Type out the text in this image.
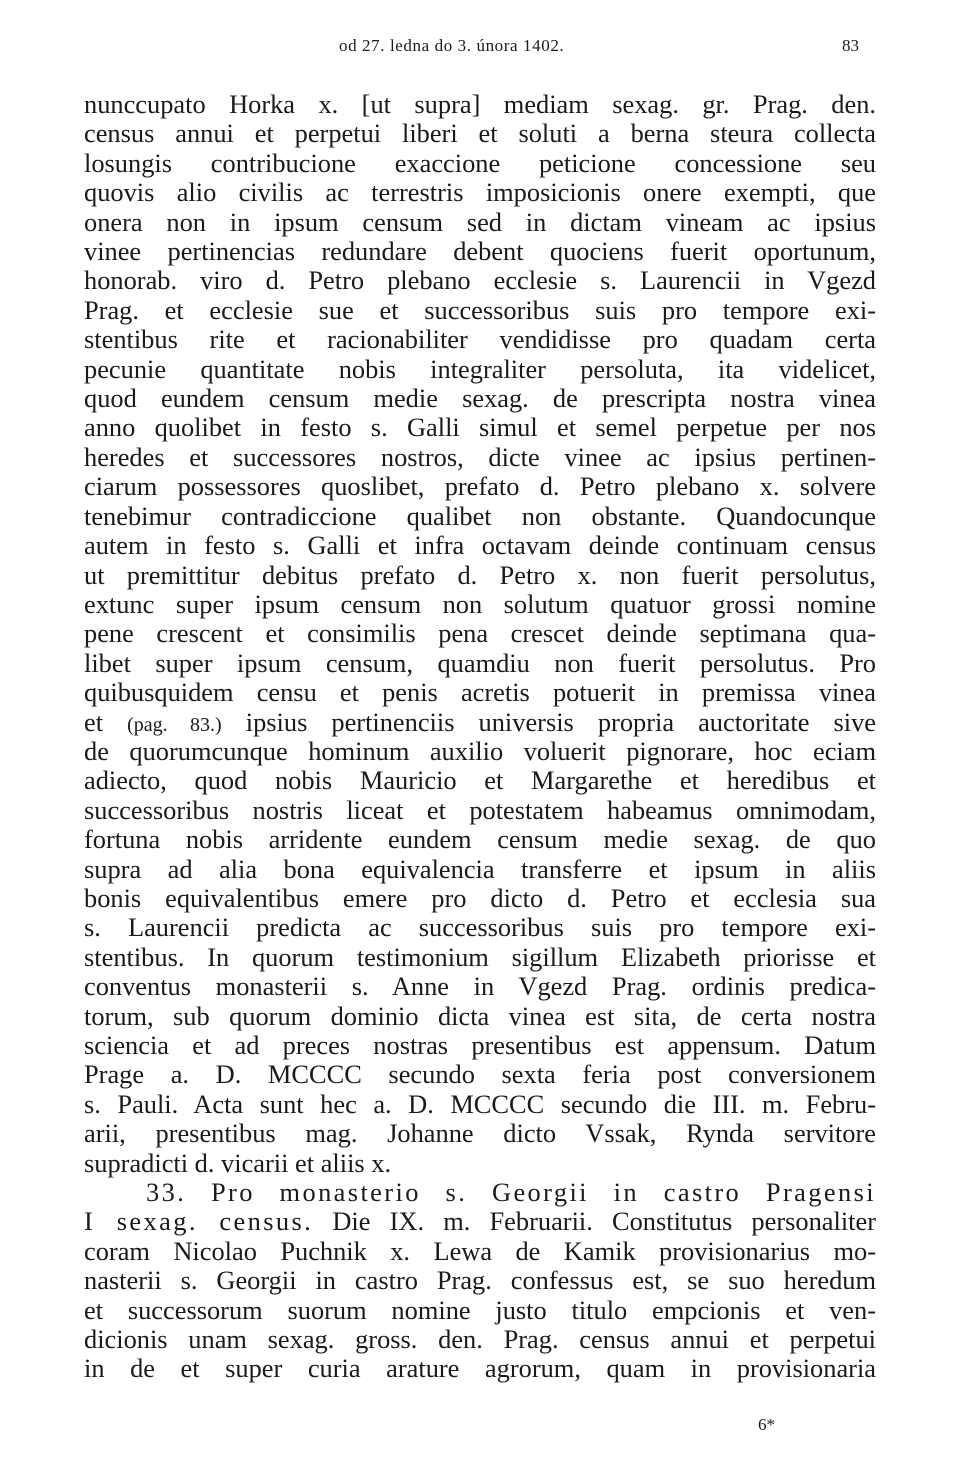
od 27. ledna do 3. února 1402.	83
nunccupato Horka x. [ut supra] mediam sexag. gr. Prag. den.
census annui et perpetui liberi et soluti a berna steura collecta
losungis contribucione exaccione peticione concessione seu
quovis alio civilis ac terrestris imposicionis onere exempti, que
onera non in ipsum censum sed in dictam vineam ac ipsius
vinee pertinencias redundare debent quociens fuerit oportunum,
honorab. viro d. Petro plebano ecclesie s. Laurencii in Vgezd
Prag. et ecclesie sue et successoribus suis pro tempore exi-
stentibus rite et racionabiliter vendidisse pro quadam certa
pecunie quantitate nobis integraliter persoluta, ita videlicet,
quod eundem censum medie sexag. de prescripta nostra vinea
anno quolibet in festo s. Galli simul et semel perpetue per nos
heredes et successores nostros, dicte vinee ac ipsius pertinen-
ciarum possessores quoslibet, prefato d. Petro plebano x. solvere
tenebimur contradiccione qualibet non obstante. Quandocunque
autem in festo s. Galli et infra octavam deinde continuam census
ut premittitur debitus prefato d. Petro x. non fuerit persolutus,
extunc super ipsum censum non solutum quatuor grossi nomine
pene crescent et consimilis pena crescet deinde septimana qua-
libet super ipsum censum, quamdiu non fuerit persolutus. Pro
quibusquidem censu et penis acretis potuerit in premissa vinea
et (pag. 83.) ipsius pertinenciis universis propria auctoritate sive
de quorumcunque hominum auxilio voluerit pignorare, hoc eciam
adiecto, quod nobis Mauricio et Margarethe et heredibus et
successoribus nostris liceat et potestatem habeamus omnimodam,
fortuna nobis arridente eundem censum medie sexag. de quo
supra ad alia bona equivalencia transferre et ipsum in aliis
bonis equivalentibus emere pro dicto d. Petro et ecclesia sua
s. Laurencii predicta ac successoribus suis pro tempore exi-
stentibus. In quorum testimonium sigillum Elizabeth priorisse et
conventus monasterii s. Anne in Vgezd Prag. ordinis predica-
torum, sub quorum dominio dicta vinea est sita, de certa nostra
sciencia et ad preces nostras presentibus est appensum. Datum
Prage a. D. MCCCC secundo sexta feria post conversionem
s. Pauli. Acta sunt hec a. D. MCCCC secundo die III. m. Febru-
arii, presentibus mag. Johanne dicto Vssak, Rynda servitore
supradicti d. vicarii et aliis x.
33. Pro monasterio s. Georgii in castro Pragensi
I sexag. census. Die IX. m. Februarii. Constitutus personaliter
coram Nicolao Puchnik x. Lewa de Kamik provisionarius mo-
nasterii s. Georgii in castro Prag. confessus est, se suo heredum
et successorum suorum nomine justo titulo empcionis et ven-
dicionis unam sexag. gross. den. Prag. census annui et perpetui
in de et super curia arature agrorum, quam in provisionaria
6*
